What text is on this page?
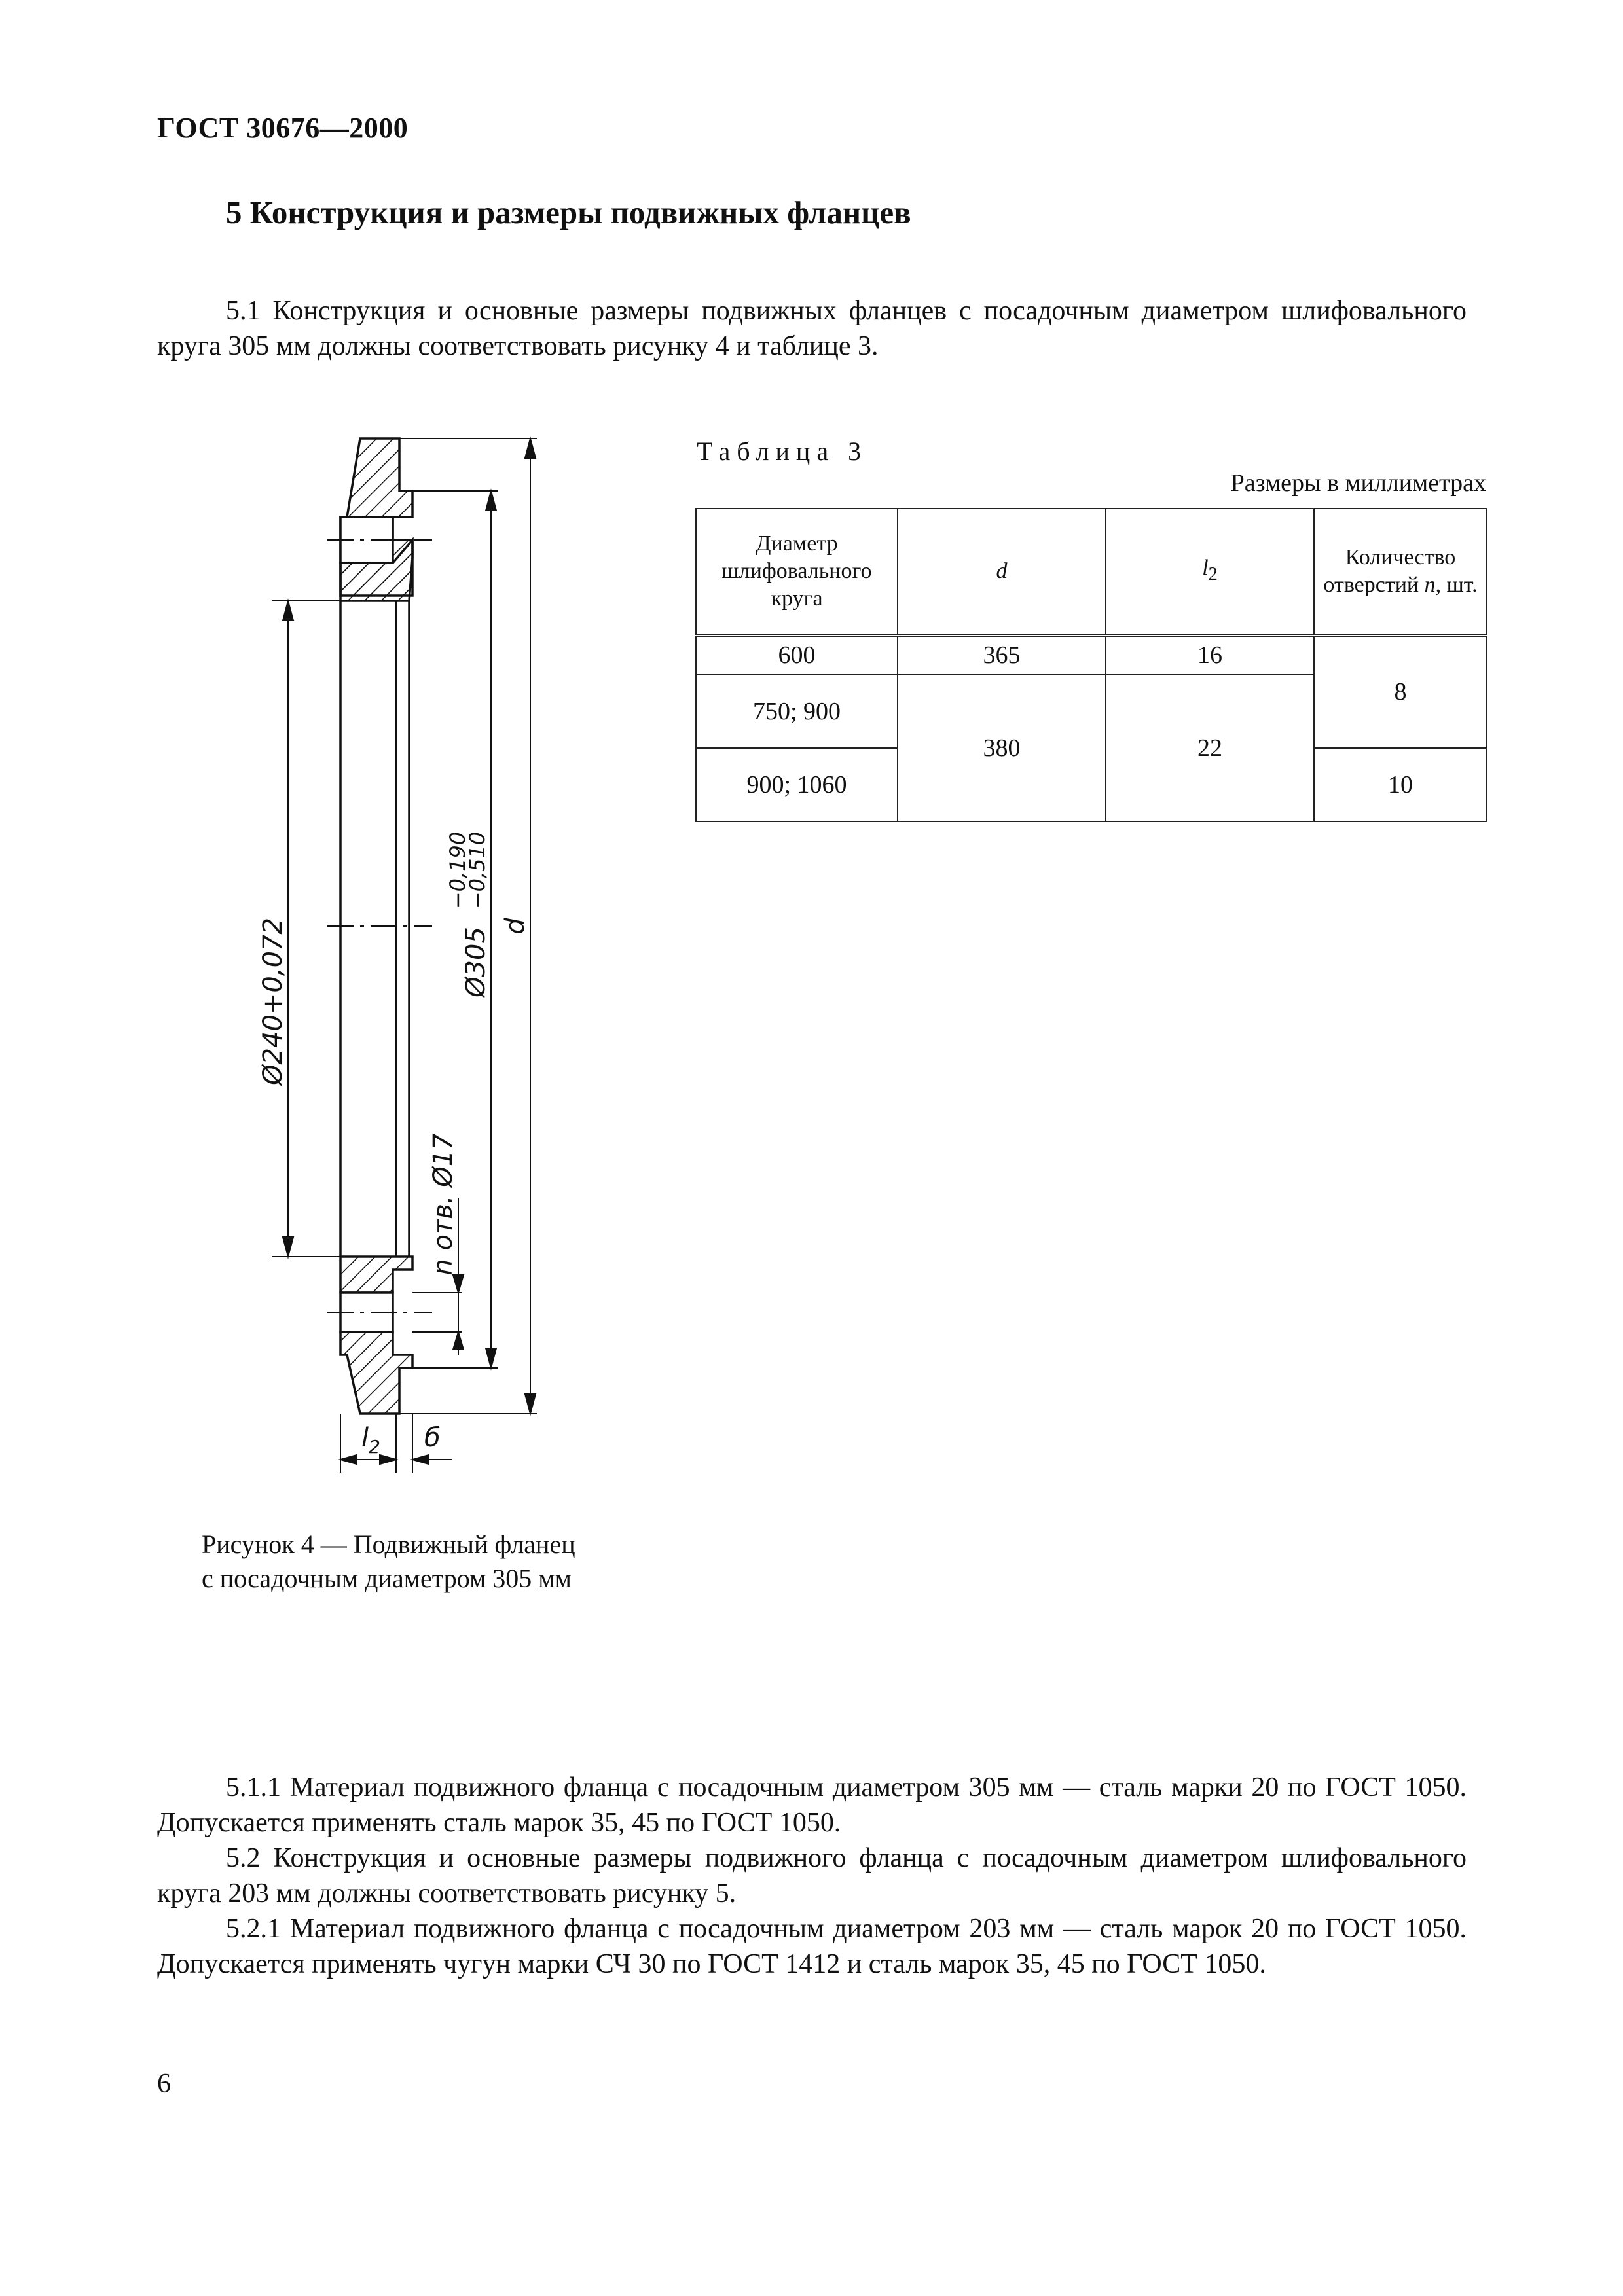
ГОСТ 30676—2000
5 Конструкция и размеры подвижных фланцев
5.1 Конструкция и основные размеры подвижных фланцев с посадочным диаметром шлифовального круга 305 мм должны соответствовать рисунку 4 и таблице 3.
Ø240+0,072	Ø305
−0,190
−0,510
d
n отв. Ø17
$l_2$ б
Таблица 3
Размеры в миллиметрах
Диаметр шлифовального круга	d	$l_2$	Количество
отверстий n, шт.
600	365	16	8
750; 900	380	22	
900; 1060			10
Рисунок 4 — Подвижный фланец
с посадочным диаметром 305 мм
5.1.1 Материал подвижного фланца с посадочным диаметром 305 мм — сталь марки 20 по ГОСТ 1050. Допускается применять сталь марок 35, 45 по ГОСТ 1050.
5.2 Конструкция и основные размеры подвижного фланца с посадочным диаметром шлифовального круга 203 мм должны соответствовать рисунку 5.
5.2.1 Материал подвижного фланца с посадочным диаметром 203 мм — сталь марок 20 по ГОСТ 1050. Допускается применять чугун марки СЧ 30 по ГОСТ 1412 и сталь марок 35, 45 по ГОСТ 1050.
6
